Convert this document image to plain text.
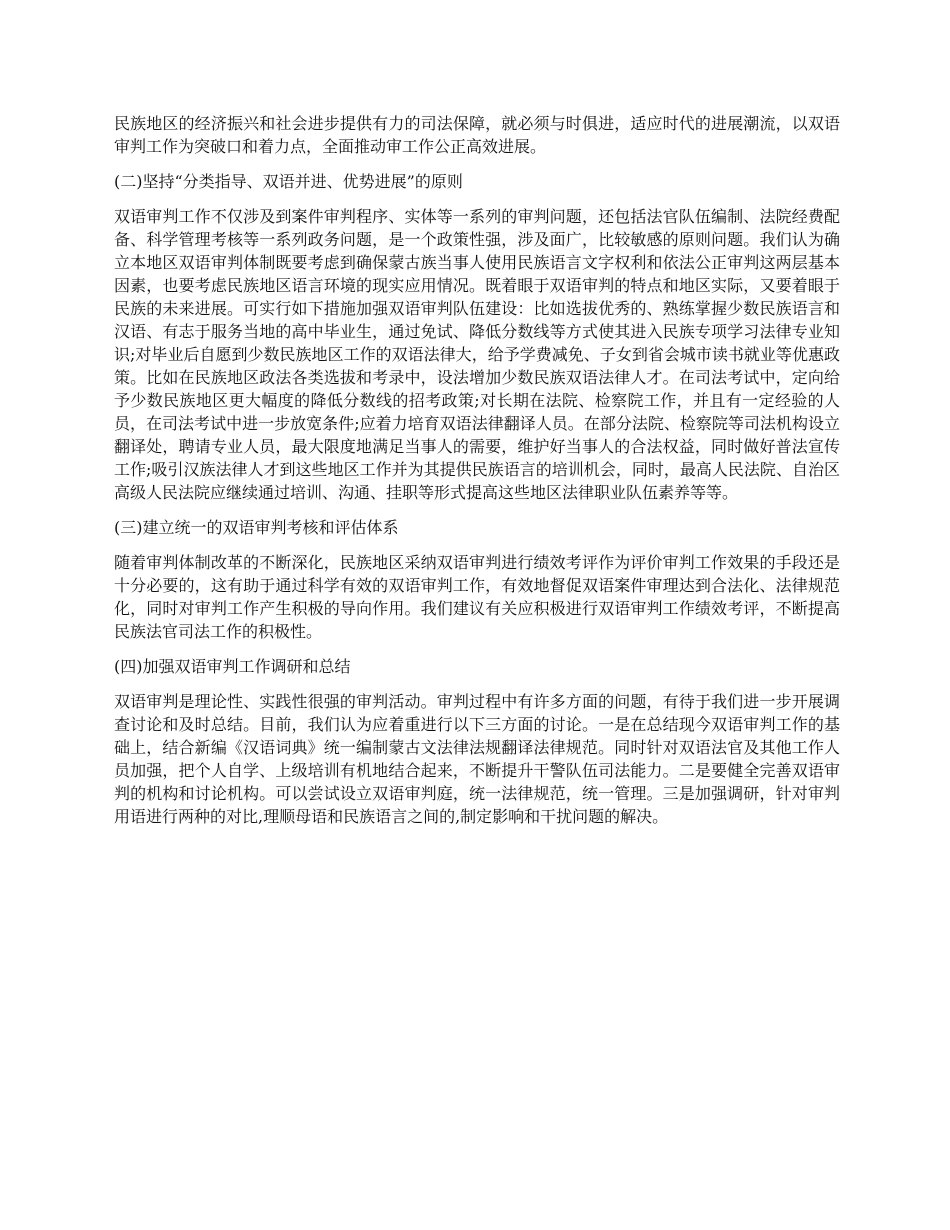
民族地区的经济振兴和社会进步提供有力的司法保障，就必须与时俱进，适应时代的进展潮流，以双语审判工作为突破口和着力点，全面推动审工作公正高效进展。

(二)坚持“分类指导、双语并进、优势进展”的原则

双语审判工作不仅涉及到案件审判程序、实体等一系列的审判问题，还包括法官队伍编制、法院经费配备、科学管理考核等一系列政务问题，是一个政策性强，涉及面广，比较敏感的原则问题。我们认为确立本地区双语审判体制既要考虑到确保蒙古族当事人使用民族语言文字权利和依法公正审判这两层基本因素，也要考虑民族地区语言环境的现实应用情况。既着眼于双语审判的特点和地区实际，又要着眼于民族的未来进展。可实行如下措施加强双语审判队伍建设：比如选拔优秀的、熟练掌握少数民族语言和汉语、有志于服务当地的高中毕业生，通过免试、降低分数线等方式使其进入民族专项学习法律专业知识;对毕业后自愿到少数民族地区工作的双语法律大，给予学费减免、子女到省会城市读书就业等优惠政策。比如在民族地区政法各类选拔和考录中，设法增加少数民族双语法律人才。在司法考试中，定向给予少数民族地区更大幅度的降低分数线的招考政策;对长期在法院、检察院工作，并且有一定经验的人员，在司法考试中进一步放宽条件;应着力培育双语法律翻译人员。在部分法院、检察院等司法机构设立翻译处，聘请专业人员，最大限度地满足当事人的需要，维护好当事人的合法权益，同时做好普法宣传工作;吸引汉族法律人才到这些地区工作并为其提供民族语言的培训机会，同时，最高人民法院、自治区高级人民法院应继续通过培训、沟通、挂职等形式提高这些地区法律职业队伍素养等等。

(三)建立统一的双语审判考核和评估体系

随着审判体制改革的不断深化，民族地区采纳双语审判进行绩效考评作为评价审判工作效果的手段还是十分必要的，这有助于通过科学有效的双语审判工作，有效地督促双语案件审理达到合法化、法律规范化，同时对审判工作产生积极的导向作用。我们建议有关应积极进行双语审判工作绩效考评，不断提高民族法官司法工作的积极性。

(四)加强双语审判工作调研和总结

双语审判是理论性、实践性很强的审判活动。审判过程中有许多方面的问题，有待于我们进一步开展调查讨论和及时总结。目前，我们认为应着重进行以下三方面的讨论。一是在总结现今双语审判工作的基础上，结合新编《汉语词典》统一编制蒙古文法律法规翻译法律规范。同时针对双语法官及其他工作人员加强，把个人自学、上级培训有机地结合起来，不断提升干警队伍司法能力。二是要健全完善双语审判的机构和讨论机构。可以尝试设立双语审判庭，统一法律规范，统一管理。三是加强调研，针对审判用语进行两种的对比,理顺母语和民族语言之间的,制定影响和干扰问题的解决。
